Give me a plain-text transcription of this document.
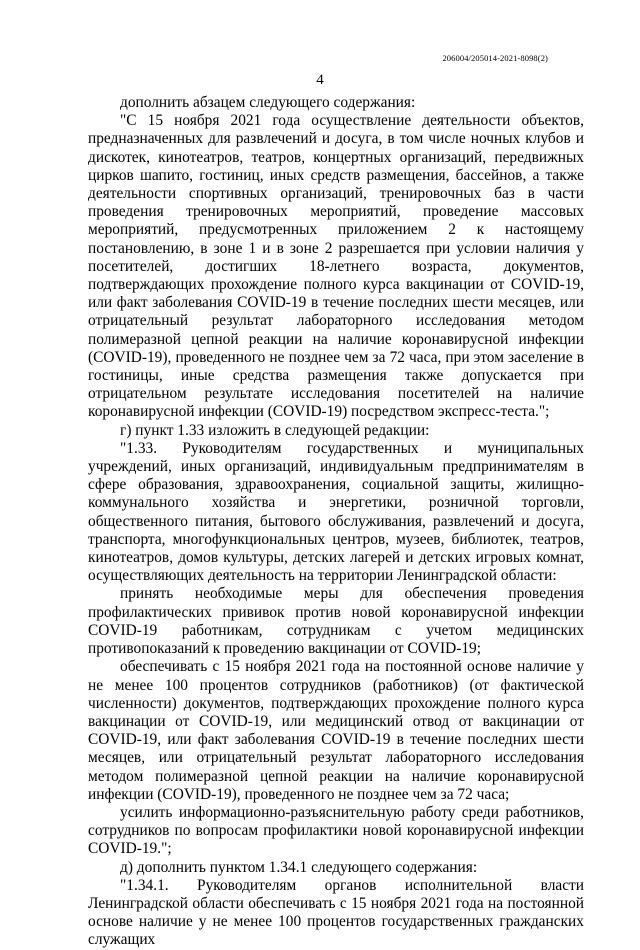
206004/205014-2021-8098(2)
4

дополнить абзацем следующего содержания:

"С 15 ноября 2021 года осуществление деятельности объектов, предназначенных для развлечений и досуга, в том числе ночных клубов и дискотек, кинотеатров, театров, концертных организаций, передвижных цирков шапито, гостиниц, иных средств размещения, бассейнов, а также деятельности спортивных организаций, тренировочных баз в части проведения тренировочных мероприятий, проведение массовых мероприятий, предусмотренных приложением 2 к настоящему постановлению, в зоне 1 и в зоне 2 разрешается при условии наличия у посетителей, достигших 18-летнего возраста, документов, подтверждающих прохождение полного курса вакцинации от COVID-19, или факт заболевания COVID-19 в течение последних шести месяцев, или отрицательный результат лабораторного исследования методом полимеразной цепной реакции на наличие коронавирусной инфекции (COVID-19), проведенного не позднее чем за 72 часа, при этом заселение в гостиницы, иные средства размещения также допускается при отрицательном результате исследования посетителей на наличие коронавирусной инфекции (COVID-19) посредством экспресс-теста.";

г) пункт 1.33 изложить в следующей редакции:

"1.33. Руководителям государственных и муниципальных учреждений, иных организаций, индивидуальным предпринимателям в сфере образования, здравоохранения, социальной защиты, жилищно-коммунального хозяйства и энергетики, розничной торговли, общественного питания, бытового обслуживания, развлечений и досуга, транспорта, многофункциональных центров, музеев, библиотек, театров, кинотеатров, домов культуры, детских лагерей и детских игровых комнат, осуществляющих деятельность на территории Ленинградской области:

принять необходимые меры для обеспечения проведения профилактических прививок против новой коронавирусной инфекции COVID-19 работникам, сотрудникам с учетом медицинских противопоказаний к проведению вакцинации от COVID-19;

обеспечивать с 15 ноября 2021 года на постоянной основе наличие у не менее 100 процентов сотрудников (работников) (от фактической численности) документов, подтверждающих прохождение полного курса вакцинации от COVID-19, или медицинский отвод от вакцинации от COVID-19, или факт заболевания COVID-19 в течение последних шести месяцев, или отрицательный результат лабораторного исследования методом полимеразной цепной реакции на наличие коронавирусной инфекции (COVID-19), проведенного не позднее чем за 72 часа;

усилить информационно-разъяснительную работу среди работников, сотрудников по вопросам профилактики новой коронавирусной инфекции COVID-19.";

д) дополнить пунктом 1.34.1 следующего содержания:

"1.34.1. Руководителям органов исполнительной власти Ленинградской области обеспечивать с 15 ноября 2021 года на постоянной основе наличие у не менее 100 процентов государственных гражданских служащих
